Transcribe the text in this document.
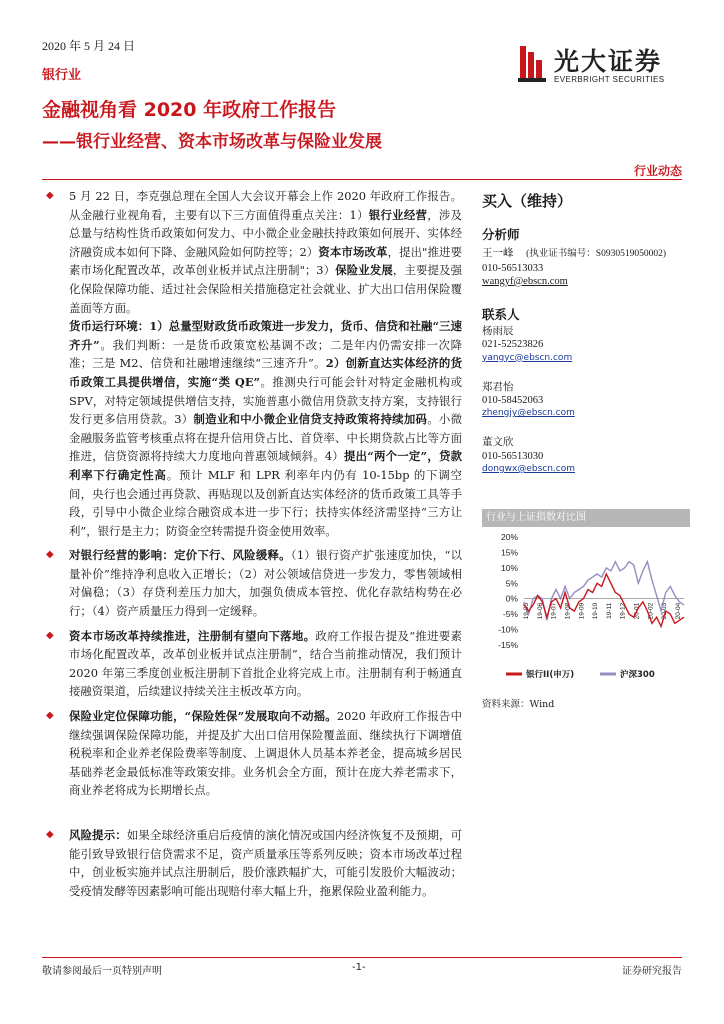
2020 年 5 月 24 日
银行业
金融视角看 2020 年政府工作报告
——银行业经营、资本市场改革与保险业发展
光大证券
EVERBRIGHT SECURITIES
行业动态

◆ 5 月 22 日，李克强总理在全国人大会议开幕会上作 2020 年政府工作报告。从金融行业视角看，主要有以下三方面值得重点关注：1）银行业经营，涉及总量与结构性货币政策如何发力、中小微企业金融扶持政策如何展开、实体经济融资成本如何下降、金融风险如何防控等；2）资本市场改革，提出"推进要素市场化配置改革，改革创业板并试点注册制"；3）保险业发展，主要提及强化保险保障功能、适过社会保险相关措施稳定社会就业、扩大出口信用保险覆盖面等方面。

货币运行环境：1）总量型财政货币政策进一步发力，货币、信贷和社融“三速齐升”。我们判断：一是货币政策宽松基调不改；二是年内仍需安排一次降准；三是 M2、信贷和社融增速继续“三速齐升”。2）创新直达实体经济的货币政策工具提供增信，实施“类 QE”。推测央行可能会针对特定金融机构或 SPV，对特定领域提供增信支持，实施普惠小微信用贷款支持方案，支持银行发行更多信用贷款。3）制造业和中小微企业信贷支持政策将持续加码。小微金融服务监管考核重点将在提升信用贷占比、首贷率、中长期贷款占比等方面推进，信贷资源将持续大力度地向普惠领域倾斜。4）提出“两个一定”，贷款利率下行确定性高。预计 MLF 和 LPR 利率年内仍有 10-15bp 的下调空间，央行也会通过再贷款、再贴现以及创新直达实体经济的货币政策工具等手段，引导中小微企业综合融资成本进一步下行；扶持实体经济需坚持“三方让利”，银行是主力；防资金空转需提升资金使用效率。

◆ 对银行经营的影响：定价下行、风险缓释。（1）银行资产扩张速度加快，“以量补价”维持净利息收入正增长；（2）对公领域信贷进一步发力，零售领域相对偏稳；（3）存贷利差压力加大，加强负债成本管控、优化存款结构势在必行；（4）资产质量压力得到一定缓释。

◆ 资本市场改革持续推进，注册制有望向下落地。政府工作报告提及“推进要素市场化配置改革，改革创业板并试点注册制”，结合当前推动情况，我们预计 2020 年第三季度创业板注册制下首批企业将完成上市。注册制有利于畅通直接融资渠道，后续建议持续关注主板改革方向。

◆ 保险业定位保障功能，“保险姓保”发展取向不动摇。2020 年政府工作报告中继续强调保险保障功能，并提及扩大出口信用保险覆盖面、继续执行下调增值税税率和企业养老保险费率等制度、上调退休人员基本养老金，提高城乡居民基础养老金最低标准等政策安排。业务机会全方面，预计在庞大养老需求下，商业养老将成为长期增长点。

◆ 风险提示：如果全球经济重启后疫情的演化情况或国内经济恢复不及预期，可能引致导致银行信贷需求不足，资产质量承压等系列反映；资本市场改革过程中，创业板实施并试点注册制后，股价涨跌幅扩大，可能引发股价大幅波动；受疫情发酵等因素影响可能出现赔付率大幅上升，拖累保险业盈利能力。

买入（维持）
分析师
王一峰 (执业证书编号：S0930519050002)
010-56513033
wangyf@ebscn.com
联系人
杨雨辰
021-52523826
yangyc@ebscn.com
郑君怡
010-58452063
zhengjy@ebscn.com
董文欣
010-56513030
dongwx@ebscn.com
行业与上证指数对比图
20%
15%
10%
5%
0%
-5%
-10%
-15%
19-05 19-06 19-07 19-08 19-09 19-10 19-11 19-12 20-01 20-02 20-03 20-04
银行II(申万)	沪深300
资料来源：Wind
敬请参阅最后一页特别声明	-1-	证券研究报告
